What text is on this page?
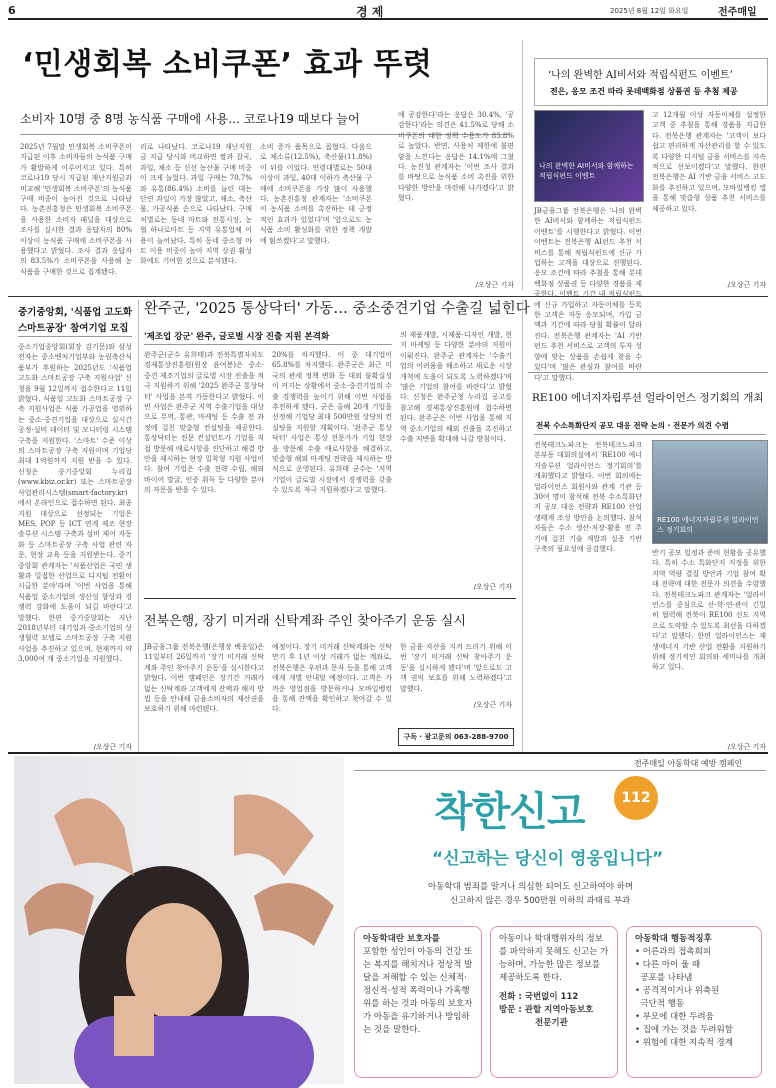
6	경 제	2025년 8월 12일 화요일	전주매일
‘민생회복 소비쿠폰’ 효과 뚜렷
소비자 10명 중 8명 농식품 구매에 사용… 코로나19 때보다 늘어
2025년 7월말 민생회복 소비쿠폰이 지급된 이후 소비자들의 농식품 구매가 활발하게 이루어지고 있다. 특히 코로나19 당시 지급된 재난지원금과 비교해 '민생회복 소비쿠폰'의 농식품 구매 비중이 높아진 것으로 나타났다. 농촌진흥청은 민생회복 소비쿠폰을 사용한 소비자 패널을 대상으로 조사를 실시한 결과 응답자의 80% 이상이 농식품 구매에 소비쿠폰을 사용했다고 밝혔다. 조사 결과 응답자의 83.5%가 소비쿠폰을 사용해 농식품을 구매한 것으로 집계됐다.
리로 나타났다. 코로나19 재난지원금 지급 당시와 비교하면 쌀과 잡곡, 과일, 채소 등 신선 농산물 구매 비중이 크게 늘었다. 과일 구매는 70.7%와 유통(86.4%) 소비를 늘린 데는 단연 과일이 가장 많았고, 채소, 축산물, 가공식품 순으로 나타났다. 구매처별로는 동네 마트와 전통시장, 농협 하나로마트 등 지역 유통업체 이용이 늘어났다. 특히 동네 중소형 마트 이용 비중이 높아 지역 상권 활성화에도 기여한 것으로 분석됐다.
소비 증가 품목으로 꼽혔다. 다음으로 채소류(12.5%), 축산물(11.8%)이 뒤를 이었다. 연령대별로는 50대 이상이 과일, 40대 이하가 축산물 구매에 소비쿠폰을 가장 많이 사용했다. 농촌진흥청 관계자는 '소비쿠폰이 농식품 소비를 촉진하는 데 긍정적인 효과가 있었다'며 '앞으로도 농식품 소비 활성화를 위한 정책 개발에 힘쓰겠다'고 말했다.
에 공감한다'라는 응답은 30.4%, '공감한다'라는 의견은 41.5%로 당해 소비쿠폰의 대한 정책 수용도가 85.8%로 높았다. 반면, 사용처 제한에 불편함을 느낀다는 응답은 14.1%에 그쳤다. 농진청 관계자는 '이번 조사 결과를 바탕으로 농식품 소비 촉진을 위한 다양한 방안을 마련해 나가겠다'고 밝혔다.
/오상근 기자
‘나의 완벽한 AI비서와 적립식펀드 이벤트’
전은, 응모 조건 따라 롯데백화점 상품권 등 추첨 제공
나의 완벽한 AI비서와 함께하는 적립식펀드 이벤트
JB금융그룹 전북은행은 '나의 완벽한 AI비서와 함께하는 적립식펀드 이벤트'를 시행한다고 밝혔다. 이번 이벤트는 전북은행 AI펀드 추천 서비스를 통해 적립식펀드에 신규 가입하는 고객을 대상으로 진행된다. 응모 조건에 따라 추첨을 통해 롯데백화점 상품권 등 다양한 경품을 제공한다. 이벤트 기간 내 적립식펀드에 신규 가입하고 자동이체를 등록한 고객은 자동 응모되며, 가입 금액과 기간에 따라 당첨 확률이 달라진다. 전북은행 관계자는 'AI 기반 펀드 추천 서비스로 고객의 투자 성향에 맞는 상품을 손쉽게 찾을 수 있다'며 '많은 관심과 참여를 바란다'고 말했다.
고 12개월 이상 자동이체를 설정한 고객 중 추첨을 통해 경품을 지급한다. 전북은행 관계자는 '고객이 보다 쉽고 편리하게 자산관리를 할 수 있도록 다양한 디지털 금융 서비스를 지속적으로 선보이겠다'고 말했다. 한편 전북은행은 AI 기반 금융 서비스 고도화를 추진하고 있으며, 모바일뱅킹 앱을 통해 맞춤형 상품 추천 서비스를 제공하고 있다.
/오상근 기자
중기중앙회, '식품업 고도화
스마트공장' 참여기업 모집
중소기업중앙회(회장 김기문)와 삼성전자는 중소벤처기업부와 농림축산식품부가 후원하는 2025년도 '식품업 고도화 스마트공장 구축 지원사업' 신청을 9월 12일까지 접수한다고 11일 밝혔다. 식품업 고도화 스마트공장 구축 지원사업은 식품 가공업을 영위하는 중소·중견기업을 대상으로 실시간 공정·설비 데이터 및 모니터링 시스템 구축을 지원한다. '스마트' 수준 이상의 스마트공장 구축 지원이며 기업당 최대 1억원까지 지원 받을 수 있다. 신청은 중기중앙회 누리집(www.kbiz.or.kr) 또는 스마트공장 사업관리시스템(smart-factory.kr)에서 온라인으로 접수하면 된다. 최종 지원 대상으로 선정되는 기업은 MES, POP 등 ICT 연계 제조 현장 솔루션 시스템 구축과 설비 제어 자동화 등 스마트공장 구축 사업 관련 자문, 현장 교육 등을 지원받는다. 중기중앙회 관계자는 '식품산업은 국민 생활과 밀접한 산업으로 디지털 전환이 시급한 분야'라며 '이번 사업을 통해 식품업 중소기업의 생산성 향상과 경쟁력 강화에 도움이 되길 바란다'고 말했다. 한편 중기중앙회는 지난 2018년부터 대기업과 중소기업의 상생협력 모델로 스마트공장 구축 지원사업을 추진하고 있으며, 현재까지 약 3,000여 개 중소기업을 지원했다.
/오상근 기자
완주군, '2025 통상닥터' 가동… 중소중견기업 수출길 넓힌다
'제조업 강군' 완주, 글로벌 시장 진출 지원 본격화
완주군(군수 유희태)과 전북특별자치도경제통상진흥원(원장 윤여봉)은 중소·중견 제조기업의 글로벌 시장 진출을 적극 지원하기 위해 '2025 완주군 통상닥터' 사업을 본격 가동한다고 밝혔다. 이번 사업은 완주군 지역 수출기업을 대상으로 무역, 통관, 마케팅 등 수출 전 과정에 걸친 맞춤형 컨설팅을 제공한다. 통상닥터는 전문 컨설턴트가 기업을 직접 방문해 애로사항을 진단하고 해결 방안을 제시하는 현장 밀착형 지원 사업이다. 참여 기업은 수출 전략 수립, 해외 바이어 발굴, 인증 취득 등 다양한 분야의 자문을 받을 수 있다.
20%를 차지했다. 이 중 대기업이 65.8%를 차지했다. 완주군은 최근 미국의 관세 정책 변화 등 대외 불확실성이 커지는 상황에서 중소·중견기업의 수출 경쟁력을 높이기 위해 이번 사업을 추진하게 됐다. 군은 올해 20개 기업을 선정해 기업당 최대 500만원 상당의 컨설팅을 지원할 계획이다. '완주군 통상닥터' 사업은 통상 전문가가 기업 현장을 방문해 수출 애로사항을 해결하고, 맞춤형 해외 마케팅 전략을 제시하는 방식으로 운영된다. 유희태 군수는 '지역 기업이 글로벌 시장에서 경쟁력을 갖출 수 있도록 적극 지원하겠다'고 말했다.
의 제품개발, 시제품·디자인 개발, 현지 마케팅 등 다양한 분야의 지원이 이뤄진다. 완주군 관계자는 '수출기업의 어려움을 해소하고 새로운 시장 개척에 도움이 되도록 노력하겠다'며 '많은 기업의 참여를 바란다'고 밝혔다. 신청은 완주군청 누리집 공고를 참고해 경제통상진흥원에 접수하면 된다. 완주군은 이번 사업을 통해 지역 중소기업의 해외 진출을 촉진하고 수출 저변을 확대해 나갈 방침이다.
/오상근 기자
RE100 에너지자립루션 얼라이언스 정기회의 개최
전북 수소특화단지 공모 대응 전략 논의 · 전문가 의견 수렴
전북테크노파크는 전북테크노파크 본부동 대회의실에서 'RE100 에너지솔루션 얼라이언스 정기회의'를 개최했다고 밝혔다. 이번 회의에는 얼라이언스 회원사와 관계 기관 등 30여 명이 참석해 전북 수소특화단지 공모 대응 전략과 RE100 산업 생태계 조성 방안을 논의했다. 참석자들은 수소 생산·저장·활용 전 주기에 걸친 기술 개발과 실증 기반 구축의 필요성에 공감했다.
RE100 에너지자립루션 얼라이언스 정기회의
반기 공모 일정과 준비 현황을 공유했다. 특히 수소 특화단지 지정을 위한 지역 역량 결집 방안과 기업 참여 확대 전략에 대한 전문가 의견을 수렴했다. 전북테크노파크 관계자는 '얼라이언스를 중심으로 산·학·연·관이 긴밀히 협력해 전북이 RE100 선도 지역으로 도약할 수 있도록 최선을 다하겠다'고 말했다. 한편 얼라이언스는 재생에너지 기반 산업 전환을 지원하기 위해 정기적인 회의와 세미나를 개최하고 있다.
/오상근 기자
전북은행, 장기 미거래 신탁계좌 주인 찾아주기 운동 실시
JB금융그룹 전북은행(은행장 백종일)은 11일부터 26일까지 '장기 미거래 신탁계좌 주인 찾아주기 운동'을 실시한다고 밝혔다. 이번 캠페인은 장기간 거래가 없는 신탁계좌 고객에게 잔액과 해지 방법 등을 안내해 금융소비자의 재산권을 보호하기 위해 마련됐다.
예정이다. 장기 미거래 신탁계좌는 신탁 만기 후 1년 이상 거래가 없는 계좌로, 전북은행은 우편과 문자 등을 통해 고객에게 개별 안내할 예정이다. 고객은 가까운 영업점을 방문하거나 모바일뱅킹을 통해 잔액을 확인하고 찾아갈 수 있다.
한 금융 자산을 지켜 드리기 위해 이번 '장기 미거래 신탁 찾아주기 운동'을 실시하게 됐다'며 '앞으로도 고객 권익 보호를 위해 노력하겠다'고 말했다.
/오상근 기자
구독 · 광고문의 063-288-9700
전주매일 아동학대 예방 캠페인
착한신고	112
“신고하는 당신이 영웅입니다”
아동학대 범죄를 알거나 의심한 되어도 신고하여야 하며
신고하지 않은 경우 500만원 이하의 과태료 부과
아동학대란 보호자를
포함한 성인이 아동의 건강 또는 복지를 해치거나 정상적 발달을 저해할 수 있는 신체적·정신적·성적 폭력이나 가혹행위를 하는 것과 아동의 보호자가 아동을 유기하거나 방임하는 것을 말한다.
아동이나 학대행위자의 정보를 파악하지 못해도 신고는 가능하며, 가능한 많은 정보를 제공하도록 한다.
전화 : 국번없이 112
방문 : 관할 지역아동보호
전문기관
아동학대 행동적징후
• 어른과의 접촉회피
• 다른 아이 울 때
공포를 나타냄
• 공격적이거나 위축된
극단적 행동
• 부모에 대한 두려움
• 집에 가는 것을 두려워함
• 위험에 대한 지속적 경계
